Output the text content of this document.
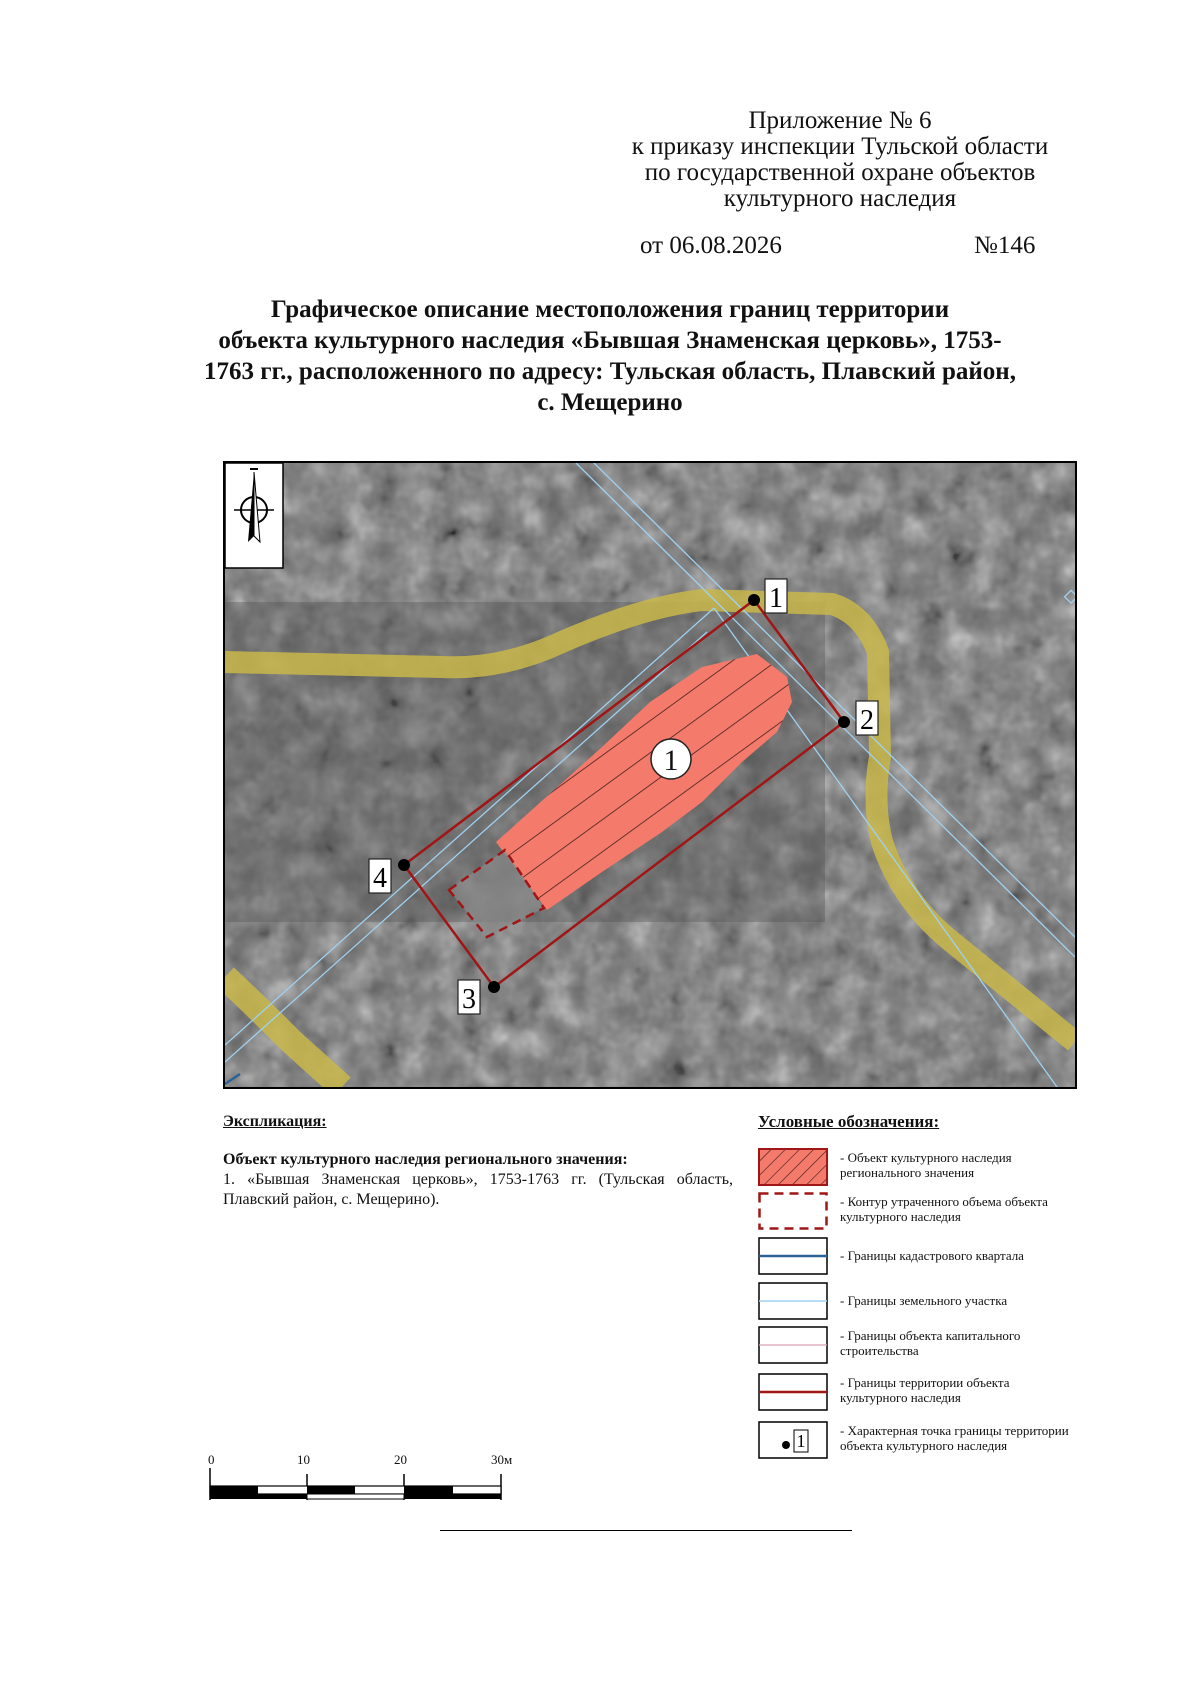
Приложение № 6
к приказу инспекции Тульской области
по государственной охране объектов
культурного наследия
от 06.08.2026	№146
Графическое описание местоположения границ территории
объекта культурного наследия «Бывшая Знаменская церковь», 1753-
1763 гг., расположенного по адресу: Тульская область, Плавский район,
с. Мещерино
1
1
2
3
4
Экспликация:
Объект культурного наследия регионального значения:
1. «Бывшая Знаменская церковь», 1753-1763 гг. (Тульская область, Плавский район, с. Мещерино).
Условные обозначения:
- Объект культурного наследия регионального значения
- Контур утраченного объема объекта культурного наследия
- Границы кадастрового квартала
- Границы земельного участка
- Границы объекта капитального строительства
- Границы территории объекта культурного наследия
1
- Характерная точка границы территории объекта культурного наследия
0	10	20	30м
